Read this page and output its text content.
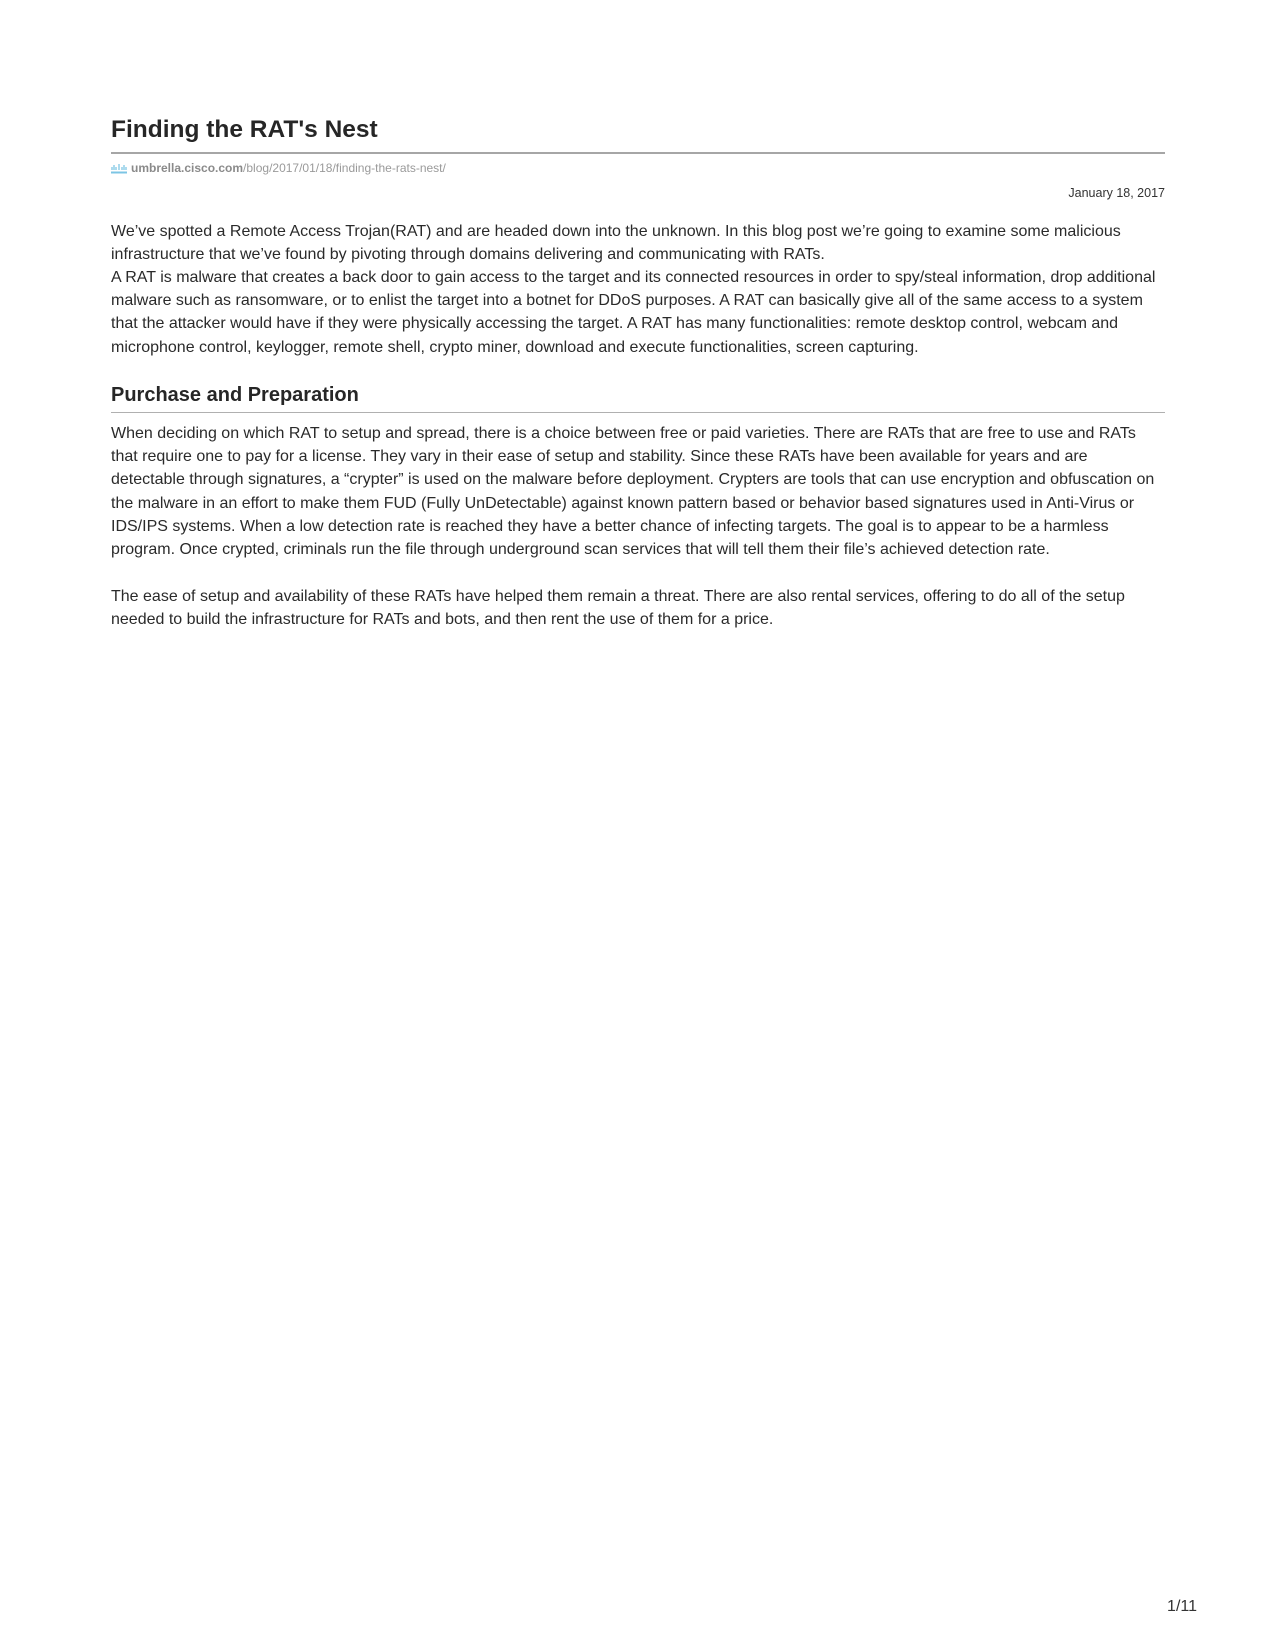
Finding the RAT's Nest
umbrella.cisco.com /blog/2017/01/18/finding-the-rats-nest/
January 18, 2017

We’ve spotted a Remote Access Trojan(RAT) and are headed down into the unknown. In this blog post we’re going to examine some malicious infrastructure that we’ve found by pivoting through domains delivering and communicating with RATs.

A RAT is malware that creates a back door to gain access to the target and its connected resources in order to spy/steal information, drop additional malware such as ransomware, or to enlist the target into a botnet for DDoS purposes. A RAT can basically give all of the same access to a system that the attacker would have if they were physically accessing the target. A RAT has many functionalities: remote desktop control, webcam and microphone control, keylogger, remote shell, crypto miner, download and execute functionalities, screen capturing.

Purchase and Preparation

When deciding on which RAT to setup and spread, there is a choice between free or paid varieties. There are RATs that are free to use and RATs that require one to pay for a license. They vary in their ease of setup and stability. Since these RATs have been available for years and are detectable through signatures, a “crypter” is used on the malware before deployment. Crypters are tools that can use encryption and obfuscation on the malware in an effort to make them FUD (Fully UnDetectable) against known pattern based or behavior based signatures used in Anti-Virus or IDS/IPS systems. When a low detection rate is reached they have a better chance of infecting targets. The goal is to appear to be a harmless program. Once crypted, criminals run the file through underground scan services that will tell them their file’s achieved detection rate.

The ease of setup and availability of these RATs have helped them remain a threat. There are also rental services, offering to do all of the setup needed to build the infrastructure for RATs and bots, and then rent the use of them for a price.

1/11
